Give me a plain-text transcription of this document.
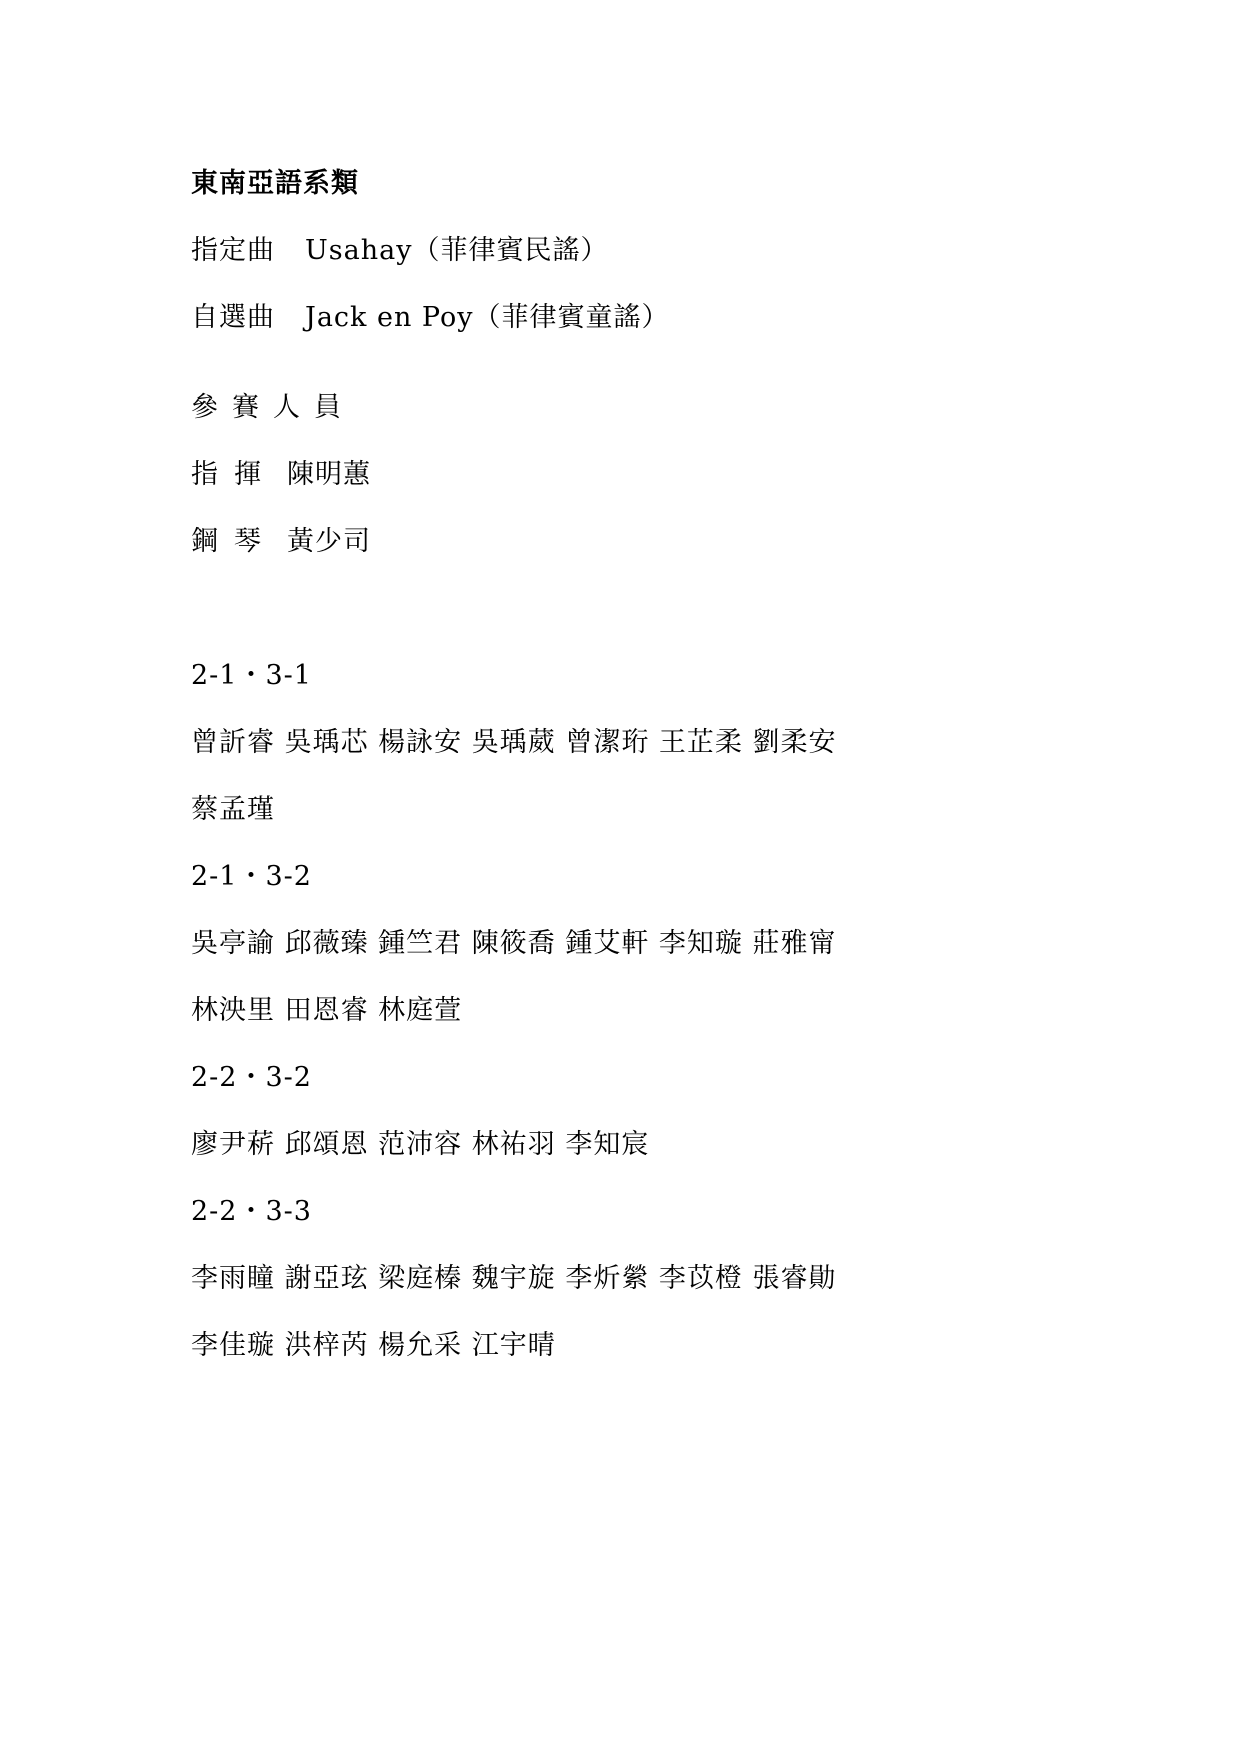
東南亞語系類
指定曲 Usahay（菲律賓民謠）
自選曲 Jack en Poy（菲律賓童謠）
參賽人員
指揮 陳明蕙
鋼琴 黃少司
2-1・3-1
曾訢睿 吳瑀芯 楊詠安 吳瑀葳 曾潔珩 王芷柔 劉柔安
蔡孟瑾
2-1・3-2
吳亭諭 邱薇臻 鍾竺君 陳筱喬 鍾艾軒 李知璇 莊雅甯
林泱里 田恩睿 林庭萱
2-2・3-2
廖尹菥 邱頌恩 范沛容 林祐羽 李知宸
2-2・3-3
李雨瞳 謝亞玹 梁庭榛 魏宇旋 李炘縈 李苡橙 張睿勛
李佳璇 洪梓芮 楊允采 江宇晴
